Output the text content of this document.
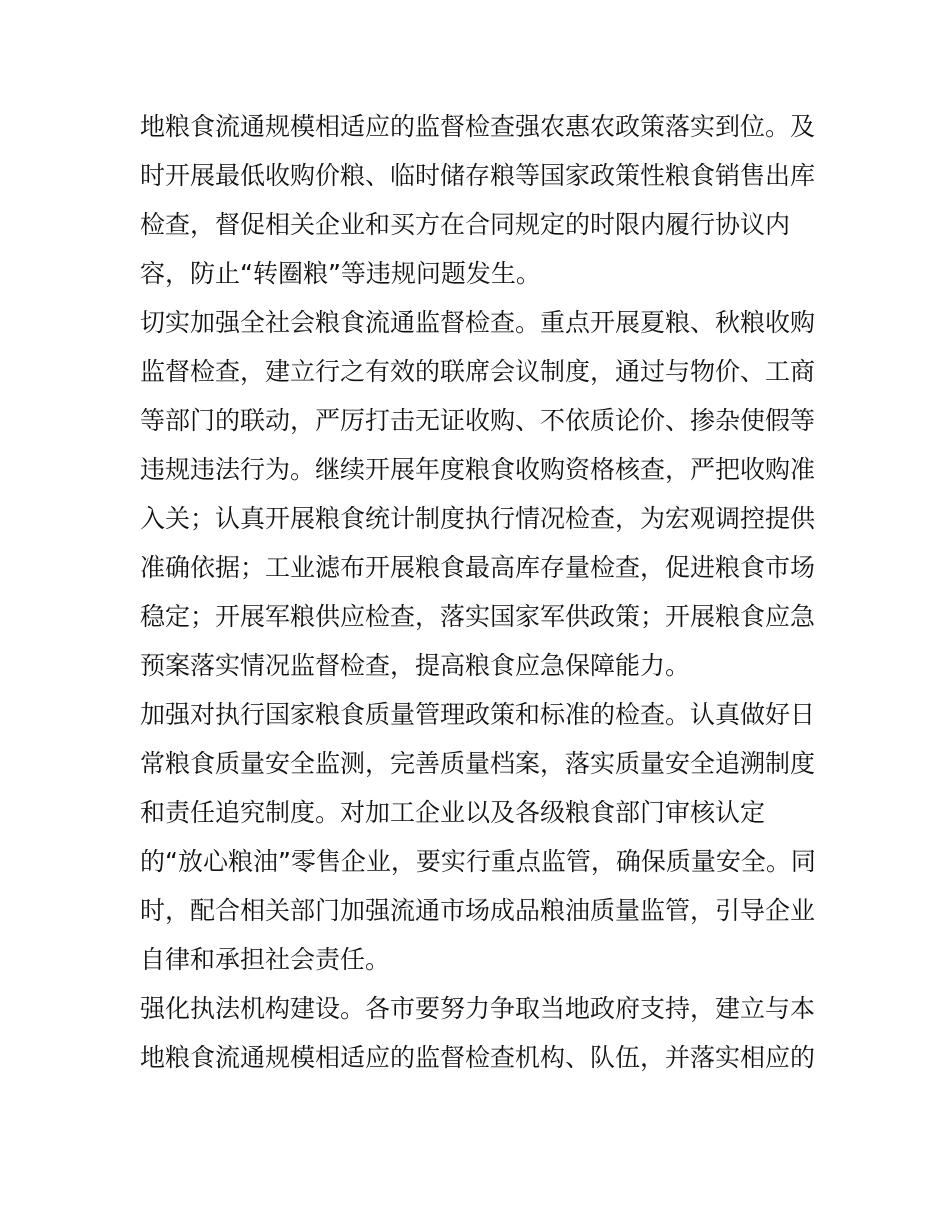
地粮食流通规模相适应的监督检查强农惠农政策落实到位。及
时开展最低收购价粮、临时储存粮等国家政策性粮食销售出库
检查，督促相关企业和买方在合同规定的时限内履行协议内
容，防止“转圈粮”等违规问题发生。
切实加强全社会粮食流通监督检查。重点开展夏粮、秋粮收购
监督检查，建立行之有效的联席会议制度，通过与物价、工商
等部门的联动，严厉打击无证收购、不依质论价、掺杂使假等
违规违法行为。继续开展年度粮食收购资格核查，严把收购准
入关；认真开展粮食统计制度执行情况检查，为宏观调控提供
准确依据；工业滤布开展粮食最高库存量检查，促进粮食市场
稳定；开展军粮供应检查，落实国家军供政策；开展粮食应急
预案落实情况监督检查，提高粮食应急保障能力。
加强对执行国家粮食质量管理政策和标准的检查。认真做好日
常粮食质量安全监测，完善质量档案，落实质量安全追溯制度
和责任追究制度。对加工企业以及各级粮食部门审核认定
的“放心粮油”零售企业，要实行重点监管，确保质量安全。同
时，配合相关部门加强流通市场成品粮油质量监管，引导企业
自律和承担社会责任。
强化执法机构建设。各市要努力争取当地政府支持，建立与本
地粮食流通规模相适应的监督检查机构、队伍，并落实相应的
